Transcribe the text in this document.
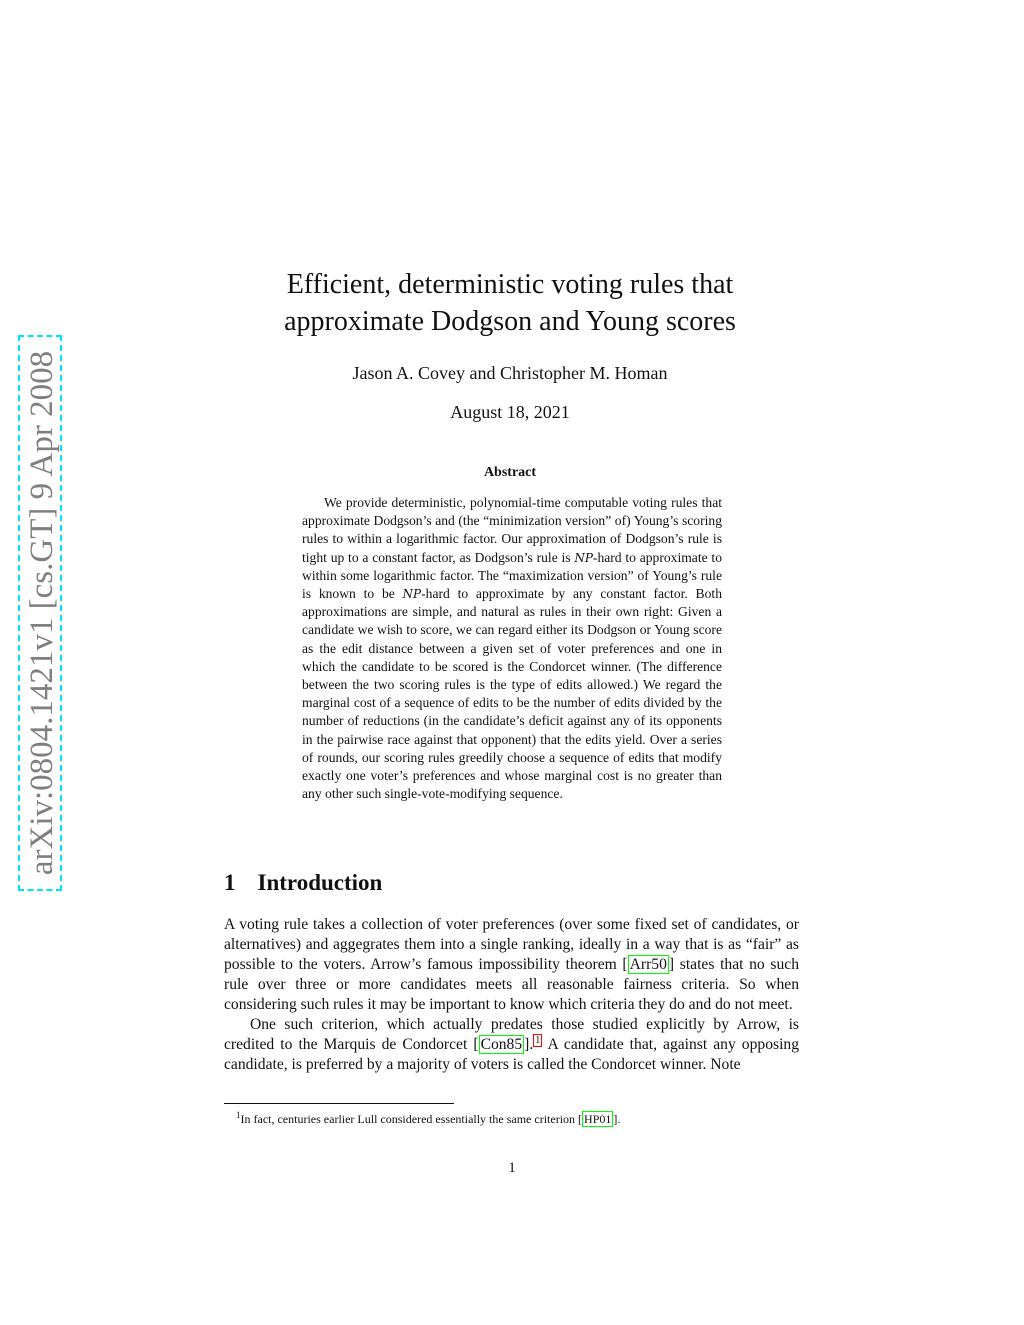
arXiv:0804.1421v1 [cs.GT] 9 Apr 2008
Efficient, deterministic voting rules that
approximate Dodgson and Young scores
Jason A. Covey and Christopher M. Homan
August 18, 2021
Abstract

We provide deterministic, polynomial-time computable voting rules that approximate Dodgson’s and (the “minimization version” of) Young’s scoring rules to within a logarithmic factor. Our approximation of Dodgson’s rule is tight up to a constant factor, as Dodgson’s rule is NP-hard to approximate to within some logarithmic factor. The “maximization version” of Young’s rule is known to be NP-hard to approximate by any constant factor. Both approximations are simple, and natural as rules in their own right: Given a candidate we wish to score, we can regard either its Dodgson or Young score as the edit distance between a given set of voter preferences and one in which the candidate to be scored is the Condorcet winner. (The difference between the two scoring rules is the type of edits allowed.) We regard the marginal cost of a sequence of edits to be the number of edits divided by the number of reductions (in the candidate’s deficit against any of its opponents in the pairwise race against that opponent) that the edits yield. Over a series of rounds, our scoring rules greedily choose a sequence of edits that modify exactly one voter’s preferences and whose marginal cost is no greater than any other such single-vote-modifying sequence.

1 Introduction

A voting rule takes a collection of voter preferences (over some fixed set of candidates, or alternatives) and aggegrates them into a single ranking, ideally in a way that is as “fair” as possible to the voters. Arrow’s famous impossibility theorem [ Arr50 ] states that no such rule over three or more candidates meets all reasonable fairness criteria. So when considering such rules it may be important to know which criteria they do and do not meet.

One such criterion, which actually predates those studied explicitly by Arrow, is credited to the Marquis de Condorcet [ Con85 ]. $^1$ A candidate that, against any opposing candidate, is preferred by a majority of voters is called the Condorcet winner. Note

$^1$In fact, centuries earlier Lull considered essentially the same criterion [ HP01 ].
1
